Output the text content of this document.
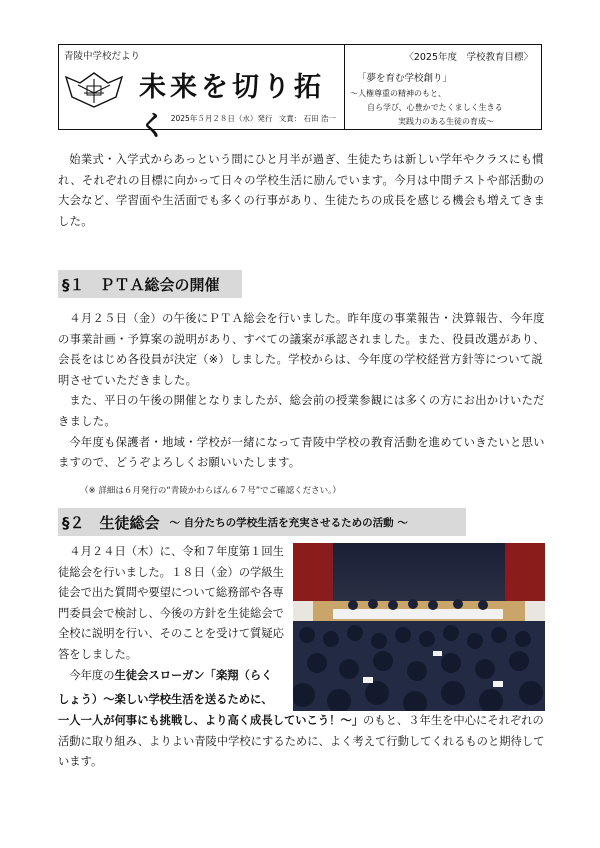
青陵中学校だより
未来を切り拓く 2025年５月２８日（水）発行 文責： 石田 浩一
〈2025年度　学校教育目標〉
「夢を育む学校創り」
～人権尊重の精神のもと、
自ら学び、心豊かでたくましく生きる
実践力のある生徒の育成～

始業式・入学式からあっという間にひと月半が過ぎ、生徒たちは新しい学年やクラスにも慣れ、それぞれの目標に向かって日々の学校生活に励んでいます。今月は中間テストや部活動の大会など、学習面や生活面でも多くの行事があり、生徒たちの成長を感じる機会も増えてきました。

§１　ＰＴＡ総会の開催

４月２５日（金）の午後にＰＴＡ総会を行いました。昨年度の事業報告・決算報告、今年度の事業計画・予算案の説明があり、すべての議案が承認されました。また、役員改選があり、会長をはじめ各役員が決定（※）しました。学校からは、今年度の学校経営方針等について説明させていただきました。

また、平日の午後の開催となりましたが、総会前の授業参観には多くの方にお出かけいただきました。

今年度も保護者・地域・学校が一緒になって青陵中学校の教育活動を進めていきたいと思いますので、どうぞよろしくお願いいたします。

（※ 詳細は６月発行の“青陵かわらばん６７号”でご確認ください。）
§２　生徒総会 ～ 自分たちの学校生活を充実させるための活動 ～

４月２４日（木）に、令和７年度第１回生徒総会を行いました。１８日（金）の学級生徒会で出た質問や要望について総務部や各専門委員会で検討し、今後の方針を生徒総会で全校に説明を行い、そのことを受けて質疑応答をしました。

今年度の生徒会スローガン「楽翔（らく

しょう）～楽しい学校生活を送るために、
一人一人が何事にも挑戦し、より高く成長していこう！～」のもと、３年生を中心にそれぞれの活動に取り組み、よりよい青陵中学校にするために、よく考えて行動してくれるものと期待しています。
